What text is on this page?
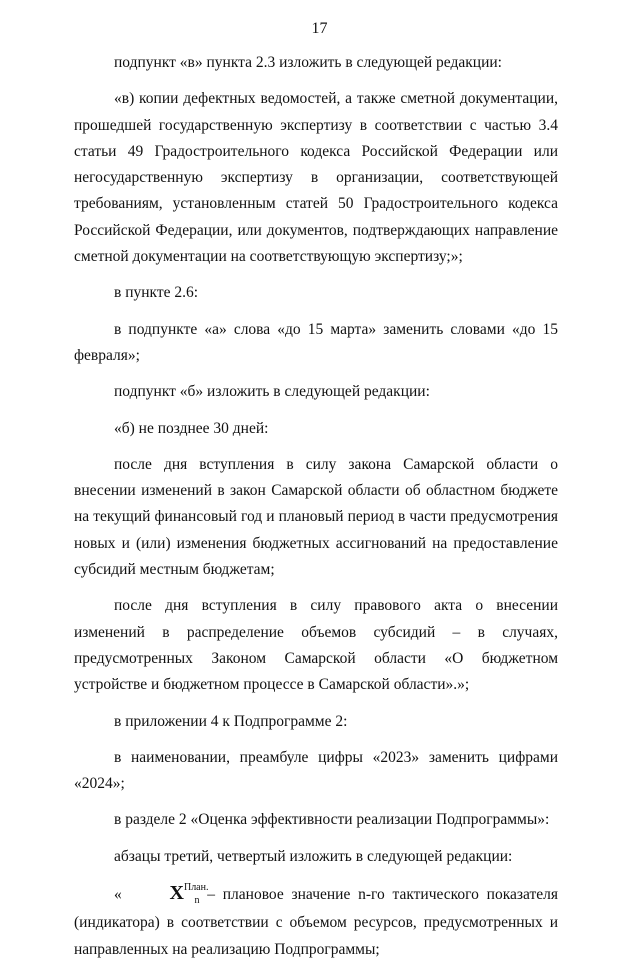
17

подпункт «в» пункта 2.3 изложить в следующей редакции:

«в) копии дефектных ведомостей, а также сметной документации, прошедшей государственную экспертизу в соответствии с частью 3.4 статьи 49 Градостроительного кодекса Российской Федерации или негосударственную экспертизу в организации, соответствующей требованиям, установленным статей 50 Градостроительного кодекса Российской Федерации, или документов, подтверждающих направление сметной документации на соответствующую экспертизу;»;

в пункте 2.6:

в подпункте «а» слова «до 15 марта» заменить словами «до 15 февраля»;

подпункт «б» изложить в следующей редакции:

«б) не позднее 30 дней:

после дня вступления в силу закона Самарской области о внесении изменений в закон Самарской области об областном бюджете на текущий финансовый год и плановый период в части предусмотрения новых и (или) изменения бюджетных ассигнований на предоставление субсидий местным бюджетам;

после дня вступления в силу правового акта о внесении изменений в распределение объемов субсидий – в случаях, предусмотренных Законом Самарской области «О бюджетном устройстве и бюджетном процессе в Самарской области».»;

в приложении 4 к Подпрограмме 2:

в наименовании, преамбуле цифры «2023» заменить цифрами «2024»;

в разделе 2 «Оценка эффективности реализации Подпрограммы»:

абзацы третий, четвертый изложить в следующей редакции:

« $X^{План.}_n$ – плановое значение n-го тактического показателя (индикатора) в соответствии с объемом ресурсов, предусмотренных и направленных на реализацию Подпрограммы;
